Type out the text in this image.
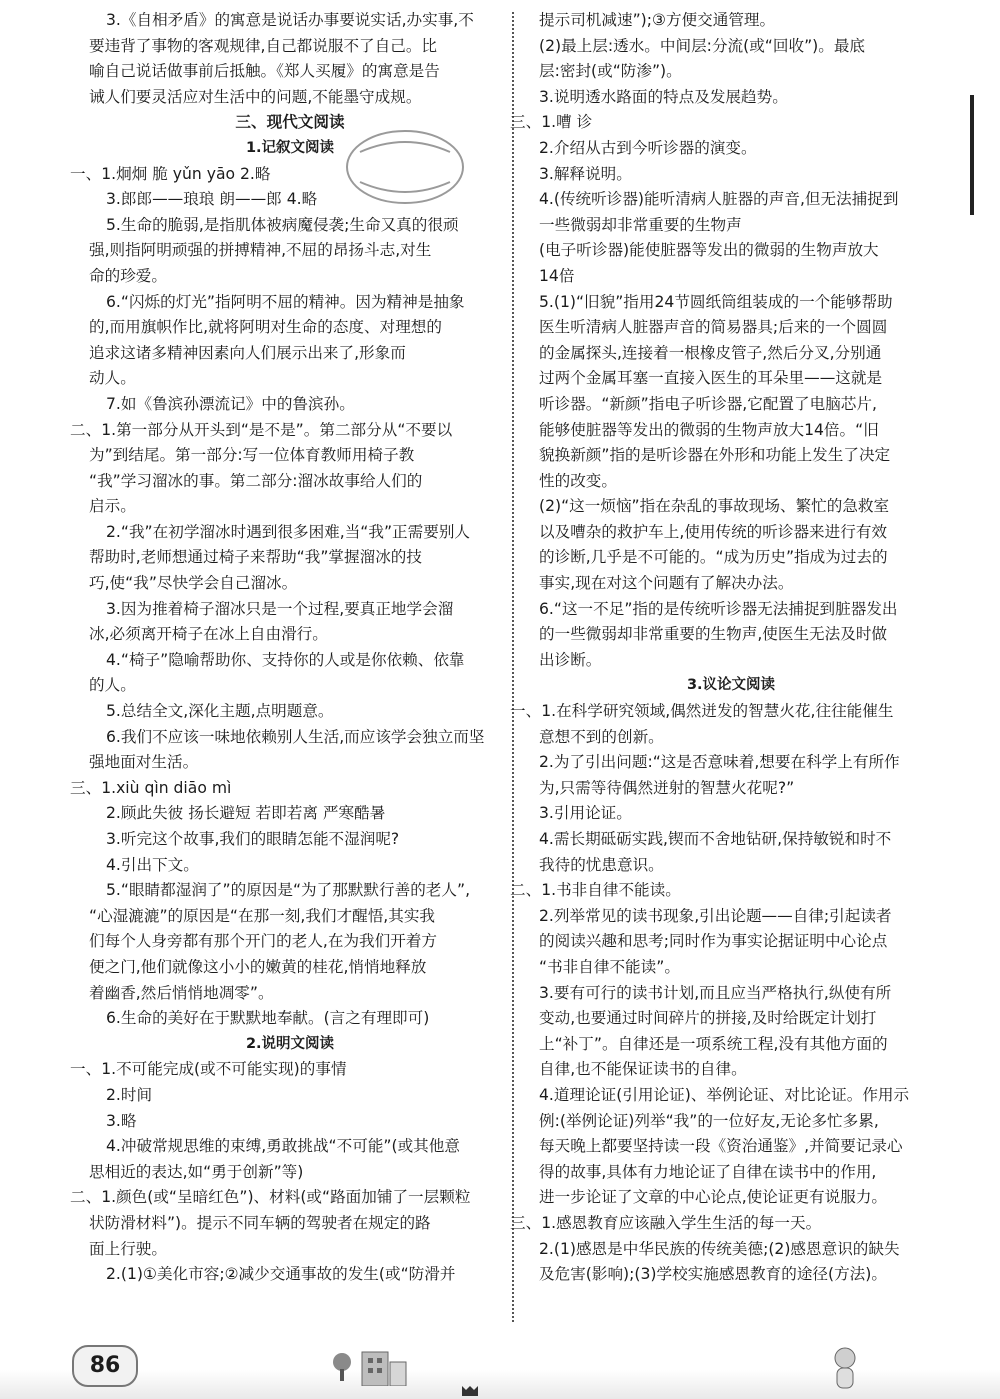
3.《自相矛盾》的寓意是说话办事要说实话,办实事,不
要违背了事物的客观规律,自己都说服不了自己。比
喻自己说话做事前后抵触。《郑人买履》的寓意是告
诫人们要灵活应对生活中的问题,不能墨守成规。
三、现代文阅读
1.记叙文阅读
一、1.炯炯 脆 yǔn yāo 2.略
3.郎郎——琅琅 朗——郎 4.略
5.生命的脆弱,是指肌体被病魔侵袭;生命又真的很顽
强,则指阿明顽强的拼搏精神,不屈的昂扬斗志,对生
命的珍爱。
6.“闪烁的灯光”指阿明不屈的精神。因为精神是抽象
的,而用旗帜作比,就将阿明对生命的态度、对理想的
追求这诸多精神因素向人们展示出来了,形象而
动人。
7.如《鲁滨孙漂流记》中的鲁滨孙。
二、1.第一部分从开头到“是不是”。第二部分从“不要以
为”到结尾。第一部分:写一位体育教师用椅子教
“我”学习溜冰的事。第二部分:溜冰故事给人们的
启示。
2.“我”在初学溜冰时遇到很多困难,当“我”正需要别人
帮助时,老师想通过椅子来帮助“我”掌握溜冰的技
巧,使“我”尽快学会自己溜冰。
3.因为推着椅子溜冰只是一个过程,要真正地学会溜
冰,必须离开椅子在冰上自由滑行。
4.“椅子”隐喻帮助你、支持你的人或是你依赖、依靠
的人。
5.总结全文,深化主题,点明题意。
6.我们不应该一味地依赖别人生活,而应该学会独立而坚
强地面对生活。
三、1.xiù qìn diāo mì
2.顾此失彼 扬长避短 若即若离 严寒酷暑
3.听完这个故事,我们的眼睛怎能不湿润呢?
4.引出下文。
5.“眼睛都湿润了”的原因是“为了那默默行善的老人”,
“心湿漉漉”的原因是“在那一刻,我们才醒悟,其实我
们每个人身旁都有那个开门的老人,在为我们开着方
便之门,他们就像这小小的嫩黄的桂花,悄悄地释放
着幽香,然后悄悄地凋零”。
6.生命的美好在于默默地奉献。(言之有理即可)
2.说明文阅读
一、1.不可能完成(或不可能实现)的事情
2.时间
3.略
4.冲破常规思维的束缚,勇敢挑战“不可能”(或其他意
思相近的表达,如“勇于创新”等)
二、1.颜色(或“呈暗红色”)、材料(或“路面加铺了一层颗粒
状防滑材料”)。提示不同车辆的驾驶者在规定的路
面上行驶。
2.(1)①美化市容;②减少交通事故的发生(或“防滑并
提示司机减速”);③方便交通管理。
(2)最上层:透水。中间层:分流(或“回收”)。最底
层:密封(或“防渗”)。
3.说明透水路面的特点及发展趋势。
三、1.嘈 诊
2.介绍从古到今听诊器的演变。
3.解释说明。
4.(传统听诊器)能听清病人脏器的声音,但无法捕捉到
一些微弱却非常重要的生物声
(电子听诊器)能使脏器等发出的微弱的生物声放大
14倍
5.(1)“旧貌”指用24节圆纸筒组装成的一个能够帮助
医生听清病人脏器声音的简易器具;后来的一个圆圆
的金属探头,连接着一根橡皮管子,然后分叉,分别通
过两个金属耳塞一直接入医生的耳朵里——这就是
听诊器。“新颜”指电子听诊器,它配置了电脑芯片,
能够使脏器等发出的微弱的生物声放大14倍。“旧
貌换新颜”指的是听诊器在外形和功能上发生了决定
性的改变。
(2)“这一烦恼”指在杂乱的事故现场、繁忙的急救室
以及嘈杂的救护车上,使用传统的听诊器来进行有效
的诊断,几乎是不可能的。“成为历史”指成为过去的
事实,现在对这个问题有了解决办法。
6.“这一不足”指的是传统听诊器无法捕捉到脏器发出
的一些微弱却非常重要的生物声,使医生无法及时做
出诊断。
3.议论文阅读
一、1.在科学研究领域,偶然迸发的智慧火花,往往能催生
意想不到的创新。
2.为了引出问题:“这是否意味着,想要在科学上有所作
为,只需等待偶然迸射的智慧火花呢?”
3.引用论证。
4.需长期砥砺实践,锲而不舍地钻研,保持敏锐和时不
我待的忧患意识。
二、1.书非自律不能读。
2.列举常见的读书现象,引出论题——自律;引起读者
的阅读兴趣和思考;同时作为事实论据证明中心论点
“书非自律不能读”。
3.要有可行的读书计划,而且应当严格执行,纵使有所
变动,也要通过时间碎片的拼接,及时给既定计划打
上“补丁”。自律还是一项系统工程,没有其他方面的
自律,也不能保证读书的自律。
4.道理论证(引用论证)、举例论证、对比论证。作用示
例:(举例论证)列举“我”的一位好友,无论多忙多累,
每天晚上都要坚持读一段《资治通鉴》,并简要记录心
得的故事,具体有力地论证了自律在读书中的作用,
进一步论证了文章的中心论点,使论证更有说服力。
三、1.感恩教育应该融入学生生活的每一天。
2.(1)感恩是中华民族的传统美德;(2)感恩意识的缺失
及危害(影响);(3)学校实施感恩教育的途径(方法)。
86
